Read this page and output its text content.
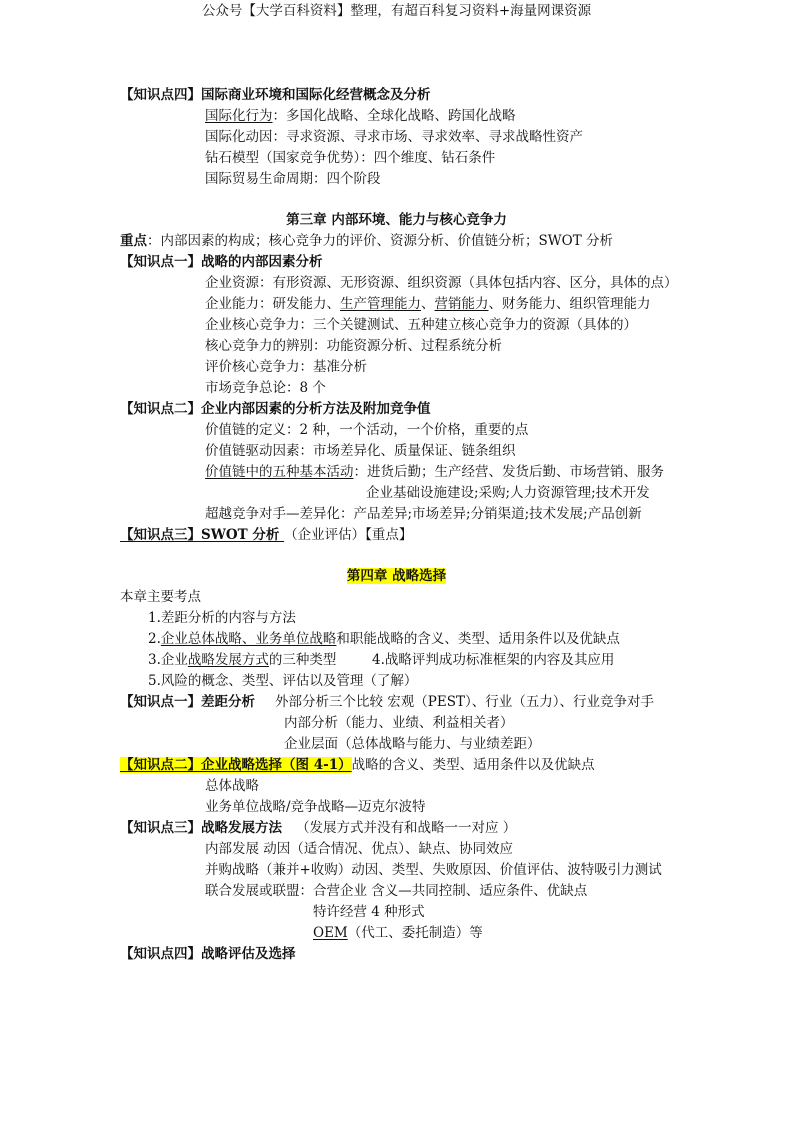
公众号【大学百科资料】整理，有超百科复习资料+海量网课资源
【知识点四】国际商业环境和国际化经营概念及分析
国际化行为：多国化战略、全球化战略、跨国化战略
国际化动因：寻求资源、寻求市场、寻求效率、寻求战略性资产
钻石模型（国家竞争优势）：四个维度、钻石条件
国际贸易生命周期：四个阶段
第三章 内部环境、能力与核心竞争力
重点：内部因素的构成；核心竞争力的评价、资源分析、价值链分析；SWOT 分析
【知识点一】战略的内部因素分析
企业资源：有形资源、无形资源、组织资源（具体包括内容、区分，具体的点）
企业能力：研发能力、生产管理能力、营销能力、财务能力、组织管理能力
企业核心竞争力：三个关键测试、五种建立核心竞争力的资源（具体的）
核心竞争力的辨别：功能资源分析、过程系统分析
评价核心竞争力：基准分析
市场竞争总论：8 个
【知识点二】企业内部因素的分析方法及附加竞争值
价值链的定义：2 种，一个活动，一个价格，重要的点
价值链驱动因素：市场差异化、质量保证、链条组织
价值链中的五种基本活动：进货后勤；生产经营、发货后勤、市场营销、服务
企业基础设施建设;采购;人力资源管理;技术开发
超越竞争对手—差异化：产品差异;市场差异;分销渠道;技术发展;产品创新
【知识点三】SWOT 分析 （企业评估）【重点】
第四章 战略选择
本章主要考点
1.差距分析的内容与方法
2.企业总体战略、业务单位战略和职能战略的含义、类型、适用条件以及优缺点
3.企业战略发展方式的三种类型	4.战略评判成功标准框架的内容及其应用
5.风险的概念、类型、评估以及管理（了解）
【知识点一】差距分析 外部分析三个比较 宏观（PEST）、行业（五力）、行业竞争对手
内部分析（能力、业绩、利益相关者）
企业层面（总体战略与能力、与业绩差距）
【知识点二】企业战略选择（图 4-1）战略的含义、类型、适用条件以及优缺点
总体战略
业务单位战略/竞争战略—迈克尔波特
【知识点三】战略发展方法 （发展方式并没有和战略一一对应 ）
内部发展 动因（适合情况、优点）、缺点、协同效应
并购战略（兼并+收购）动因、类型、失败原因、价值评估、波特吸引力测试
联合发展或联盟：合营企业 含义—共同控制、适应条件、优缺点
特许经营 4 种形式
OEM（代工、委托制造）等
【知识点四】战略评估及选择
